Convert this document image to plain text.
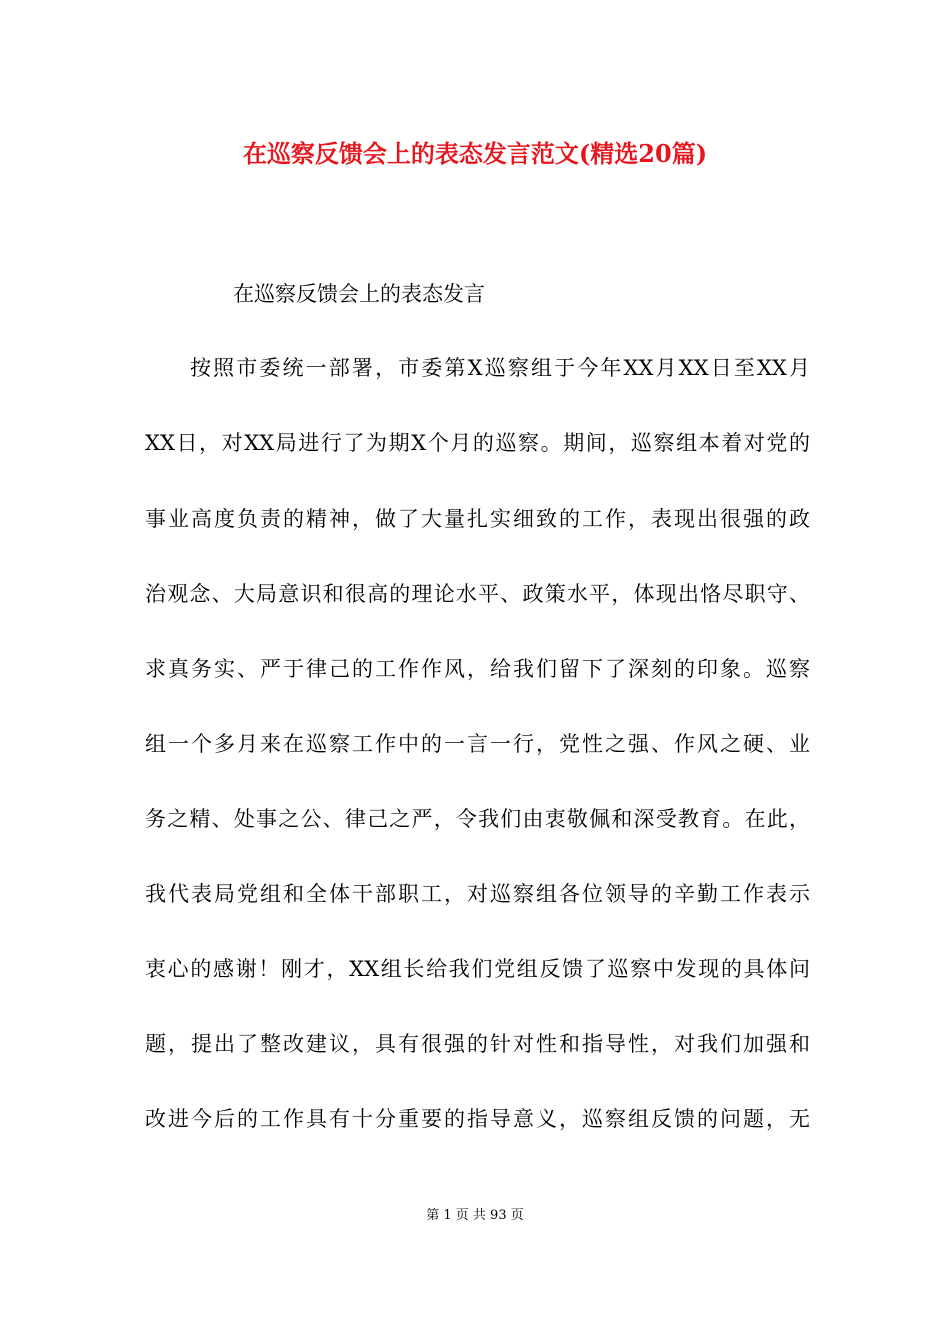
在巡察反馈会上的表态发言范文(精选20篇)
在巡察反馈会上的表态发言
按照市委统一部署，市委第X巡察组于今年XX月XX日至XX月
XX日，对XX局进行了为期X个月的巡察。期间，巡察组本着对党的
事业高度负责的精神，做了大量扎实细致的工作，表现出很强的政
治观念、大局意识和很高的理论水平、政策水平，体现出恪尽职守、
求真务实、严于律己的工作作风，给我们留下了深刻的印象。巡察
组一个多月来在巡察工作中的一言一行，党性之强、作风之硬、业
务之精、处事之公、律己之严，令我们由衷敬佩和深受教育。在此，
我代表局党组和全体干部职工，对巡察组各位领导的辛勤工作表示
衷心的感谢！刚才，XX组长给我们党组反馈了巡察中发现的具体问
题，提出了整改建议，具有很强的针对性和指导性，对我们加强和
改进今后的工作具有十分重要的指导意义，巡察组反馈的问题，无
第 1 页 共 93 页
